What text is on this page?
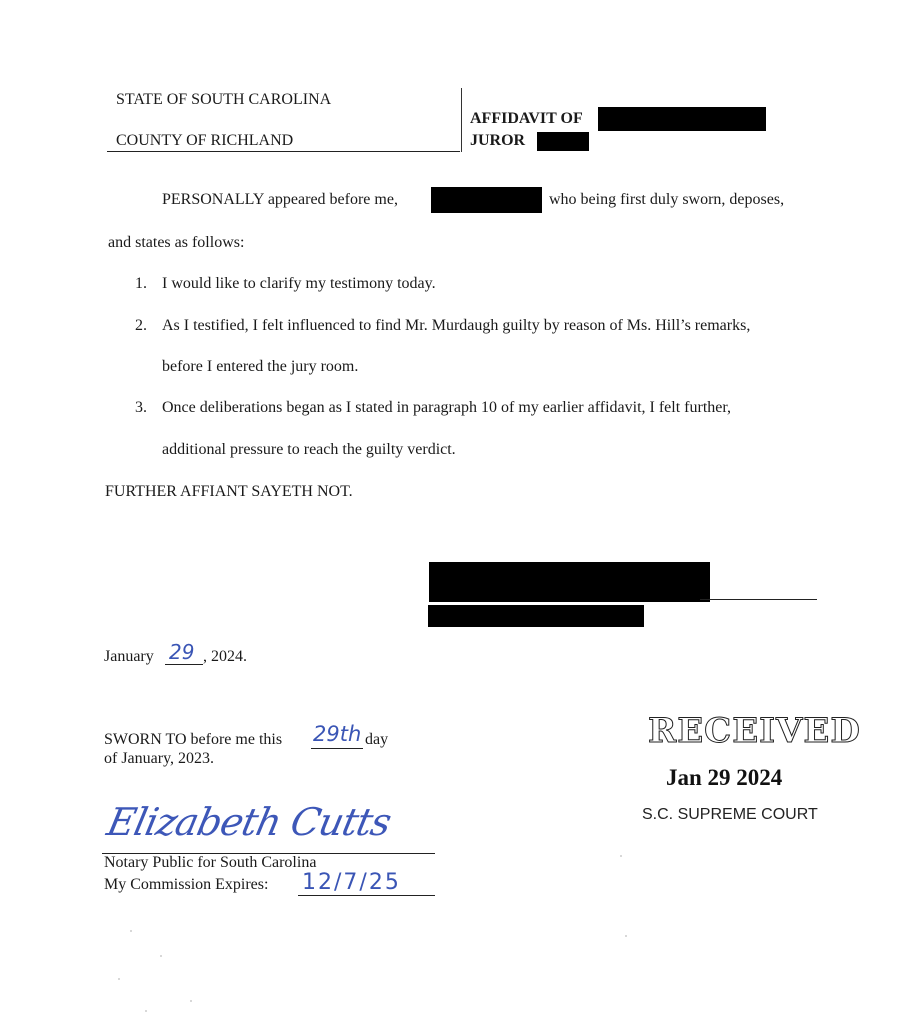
STATE OF SOUTH CAROLINA
COUNTY OF RICHLAND
AFFIDAVIT OF
JUROR
PERSONALLY appeared before me,	who being first duly sworn, deposes,
and states as follows:
1. I would like to clarify my testimony today.
2. As I testified, I felt influenced to find Mr. Murdaugh guilty by reason of Ms. Hill’s remarks,
before I entered the jury room.
3. Once deliberations began as I stated in paragraph 10 of my earlier affidavit, I felt further,
additional pressure to reach the guilty verdict.
FURTHER AFFIANT SAYETH NOT.
January 29 , 2024.
SWORN TO before me this 29th day
of January, 2023.
Elizabeth Cutts
Notary Public for South Carolina
My Commission Expires: 12/7/25
RECEIVED
Jan 29 2024
S.C. SUPREME COURT
